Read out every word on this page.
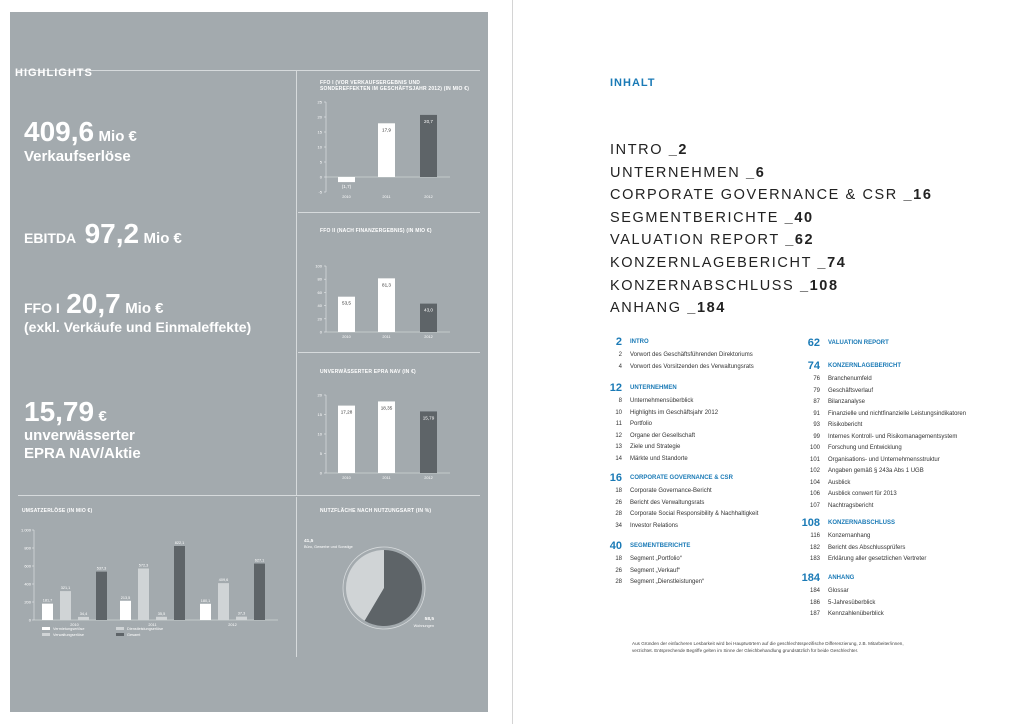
HIGHLIGHTS
409,6 Mio €
Verkaufserlöse
EBITDA 97,2 Mio €
FFO I 20,7 Mio €
(exkl. Verkäufe und Einmaleffekte)
15,79 €
unverwässerter
EPRA NAV/Aktie
FFO I (VOR VERKAUFSERGEBNIS UND SONDEREFFEKTEN IM GESCHÄFTSJAHR 2012) (IN MIO €)
FFO II (NACH FINANZERGEBNIS) (IN MIO €)
UNVERWÄSSERTER EPRA NAV (IN €)
UMSATZERLÖSE (IN MIO €)	NUTZFLÄCHE NACH NUTZUNGSART (IN %)
25
20
15
10
5
0
-5
(1,7)
2010
17,9
2011
20,7
2012
100
80
60
40
20
0
53,5
2010
81,3
2011
43,0
2012
20
15
10
5
0
17,28
2010
18,35
2011
15,79
2012
1.000
800
600
400
200
0
181,7
321,1
34,4
537,3
2010
213,5
572,3
35,5
822,1
2011
180,1
409,6
37,3
627,1
2012
Vermietungserlöse
Verwaltungserlöse
Dienstleistungserlöse
Gesamt
41,5
Büro, Gewerbe und Sonstige
58,5
Wohnungen
INHALT
INTRO _2
UNTERNEHMEN _6
CORPORATE GOVERNANCE & CSR _16
SEGMENTBERICHTE _40
VALUATION REPORT _62
KONZERNLAGEBERICHT _74
KONZERNABSCHLUSS _108
ANHANG _184
2 INTRO
2 Vorwort des Geschäftsführenden Direktoriums
4 Vorwort des Vorsitzenden des Verwaltungsrats
12 UNTERNEHMEN
8 Unternehmensüberblick
10 Highlights im Geschäftsjahr 2012
11 Portfolio
12 Organe der Gesellschaft
13 Ziele und Strategie
14 Märkte und Standorte
16 CORPORATE GOVERNANCE & CSR
18 Corporate Governance-Bericht
26 Bericht des Verwaltungsrats
28 Corporate Social Responsibility & Nachhaltigkeit
34 Investor Relations
40 SEGMENTBERICHTE
18 Segment „Portfolio“
26 Segment „Verkauf“
28 Segment „Dienstleistungen“
62 VALUATION REPORT
74 KONZERNLAGEBERICHT
76 Branchenumfeld
79 Geschäftsverlauf
87 Bilanzanalyse
91 Finanzielle und nichtfinanzielle Leistungsindikatoren
93 Risikobericht
99 Internes Kontroll- und Risikomanagementsystem
100 Forschung und Entwicklung
101 Organisations- und Unternehmensstruktur
102 Angaben gemäß § 243a Abs 1 UGB
104 Ausblick
106 Ausblick conwert für 2013
107 Nachtragsbericht
108 KONZERNABSCHLUSS
116 Konzernanhang
182 Bericht des Abschlussprüfers
183 Erklärung aller gesetzlichen Vertreter
184 ANHANG
184 Glossar
186 5-Jahresüberblick
187 Kennzahlenüberblick
Aus Gründen der einfacheren Lesbarkeit wird bei Hauptwörtern auf die geschlechtsspezifische Differenzierung, z.B. Mitarbeiter/innen,
verzichtet. Entsprechende Begriffe gelten im Sinne der Gleichbehandlung grundsätzlich für beide Geschlechter.
